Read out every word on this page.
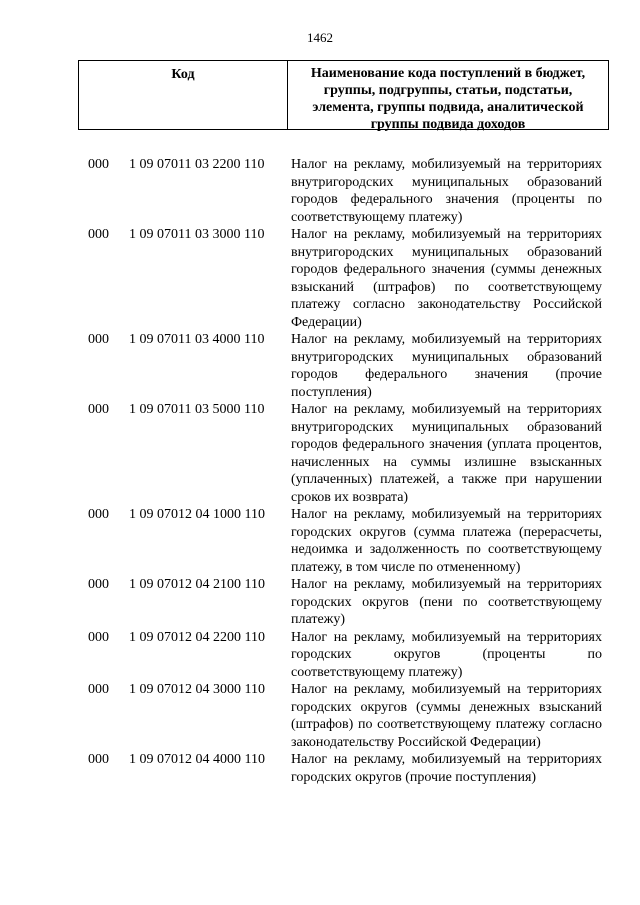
1462
Код	Наименование кода поступлений в бюджет, группы, подгруппы, статьи, подстатьи, элемента, группы подвида, аналитической группы подвида доходов
000	1 09 07011 03 2200 110	Налог на рекламу, мобилизуемый на территориях внутригородских муниципальных образований городов федерального значения (проценты по соответствующему платежу)
000	1 09 07011 03 3000 110	Налог на рекламу, мобилизуемый на территориях внутригородских муниципальных образований городов федерального значения (суммы денежных взысканий (штрафов) по соответствующему платежу согласно законодательству Российской Федерации)
000	1 09 07011 03 4000 110	Налог на рекламу, мобилизуемый на территориях внутригородских муниципальных образований городов федерального значения (прочие поступления)
000	1 09 07011 03 5000 110	Налог на рекламу, мобилизуемый на территориях внутригородских муниципальных образований городов федерального значения (уплата процентов, начисленных на суммы излишне взысканных (уплаченных) платежей, а также при нарушении сроков их возврата)
000	1 09 07012 04 1000 110	Налог на рекламу, мобилизуемый на территориях городских округов (сумма платежа (перерасчеты, недоимка и задолженность по соответствующему платежу, в том числе по отмененному)
000	1 09 07012 04 2100 110	Налог на рекламу, мобилизуемый на территориях городских округов (пени по соответствующему платежу)
000	1 09 07012 04 2200 110	Налог на рекламу, мобилизуемый на территориях городских округов (проценты по соответствующему платежу)
000	1 09 07012 04 3000 110	Налог на рекламу, мобилизуемый на территориях городских округов (суммы денежных взысканий (штрафов) по соответствующему платежу согласно законодательству Российской Федерации)
000	1 09 07012 04 4000 110	Налог на рекламу, мобилизуемый на территориях городских округов (прочие поступления)
